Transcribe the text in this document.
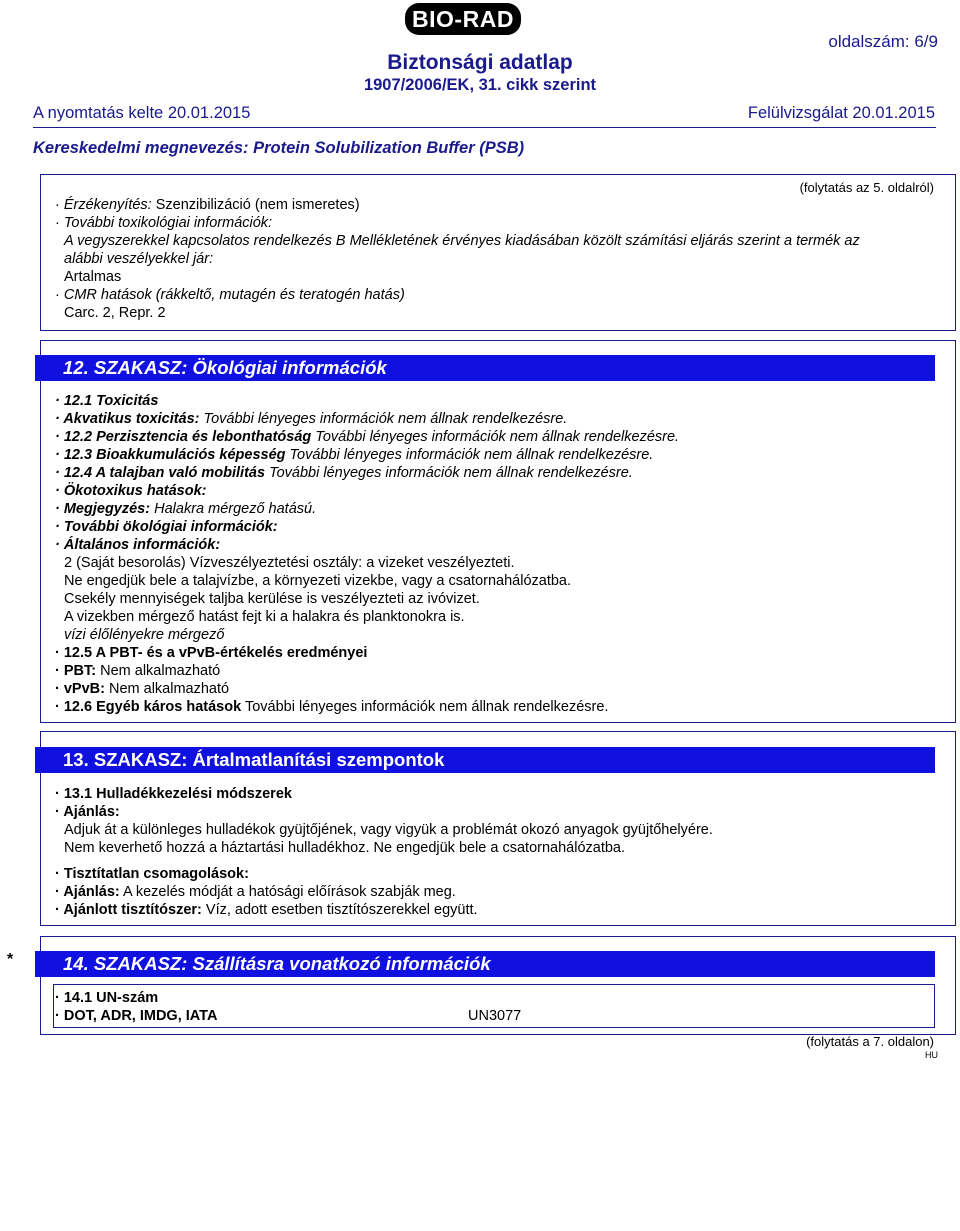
BIO-RAD
oldalszám: 6/9
Biztonsági adatlap
1907/2006/EK, 31. cikk szerint
A nyomtatás kelte 20.01.2015	Felülvizsgálat 20.01.2015
Kereskedelmi megnevezés: Protein Solubilization Buffer (PSB)
(folytatás az 5. oldalról)
· Érzékenyítés: Szenzibilizáció (nem ismeretes)
· További toxikológiai információk:
A vegyszerekkel kapcsolatos rendelkezés B Mellékletének érvényes kiadásában közölt számítási eljárás szerint a termék az
alábbi veszélyekkel jár:
Artalmas
· CMR hatások (rákkeltő, mutagén és teratogén hatás)
Carc. 2, Repr. 2
12. SZAKASZ: Ökológiai információk
· 12.1 Toxicitás
· Akvatikus toxicitás: További lényeges információk nem állnak rendelkezésre.
· 12.2 Perzisztencia és lebonthatóság További lényeges információk nem állnak rendelkezésre.
· 12.3 Bioakkumulációs képesség További lényeges információk nem állnak rendelkezésre.
· 12.4 A talajban való mobilitás További lényeges információk nem állnak rendelkezésre.
· Ökotoxikus hatások:
· Megjegyzés: Halakra mérgező hatású.
· További ökológiai információk:
· Általános információk:
2 (Saját besorolás) Vízveszélyeztetési osztály: a vizeket veszélyezteti.
Ne engedjük bele a talajvízbe, a környezeti vizekbe, vagy a csatornahálózatba.
Csekély mennyiségek taljba kerülése is veszélyezteti az ivóvizet.
A vizekben mérgező hatást fejt ki a halakra és planktonokra is.
vízi élőlényekre mérgező
· 12.5 A PBT- és a vPvB-értékelés eredményei
· PBT: Nem alkalmazható
· vPvB: Nem alkalmazható
· 12.6 Egyéb káros hatások További lényeges információk nem állnak rendelkezésre.
13. SZAKASZ: Ártalmatlanítási szempontok
· 13.1 Hulladékkezelési módszerek
· Ajánlás:
Adjuk át a különleges hulladékok gyüjtőjének, vagy vigyük a problémát okozó anyagok gyüjtőhelyére.
Nem keverhető hozzá a háztartási hulladékhoz. Ne engedjük bele a csatornahálózatba.
· Tisztítatlan csomagolások:
· Ajánlás: A kezelés módját a hatósági előírások szabják meg.
· Ajánlott tisztítószer: Víz, adott esetben tisztítószerekkel együtt.
*	14. SZAKASZ: Szállításra vonatkozó információk
· 14.1 UN-szám
· DOT, ADR, IMDG, IATA	UN3077
(folytatás a 7. oldalon)
HU
